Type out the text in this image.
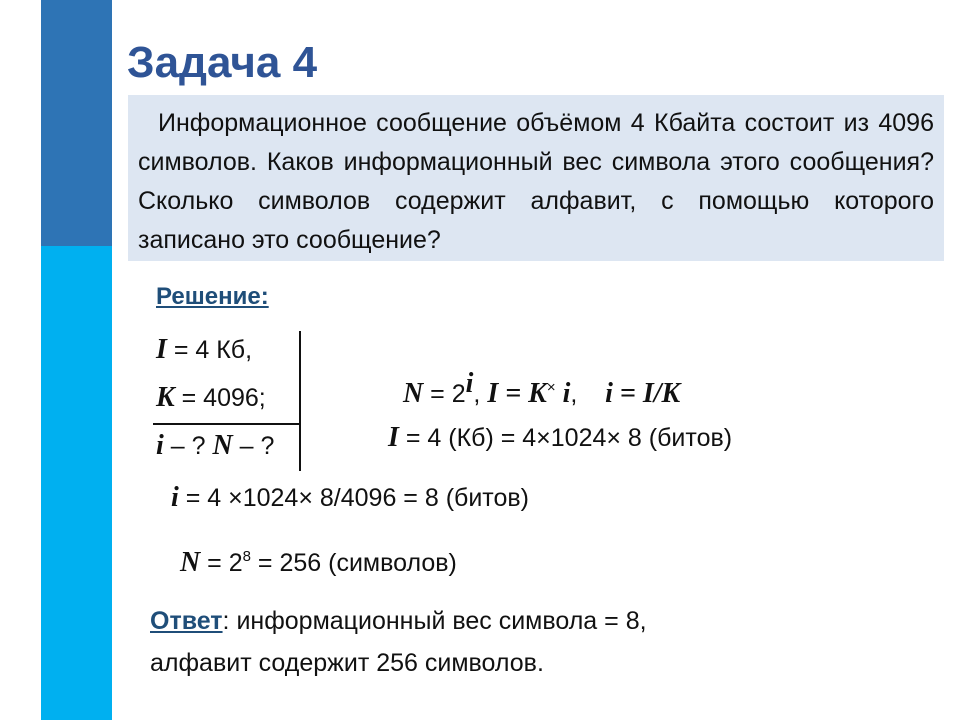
Задача 4
Информационное сообщение объёмом 4 Кбайта состоит из 4096 символов. Каков информационный вес символа этого сообщения? Сколько символов содержит алфавит, с помощью которого записано это сообщение?
Решение:
I = 4 Кб,
K = 4096;
i – ? N – ?
$N = 2^i$, I = K× i,    i = I/K
I = 4 (Кб) = 4×1024× 8 (битов)
i = 4 ×1024× 8/4096 = 8 (битов)
$N = 2^8 = 256$ (символов)
Ответ: информационный вес символа = 8,
алфавит содержит 256 символов.
